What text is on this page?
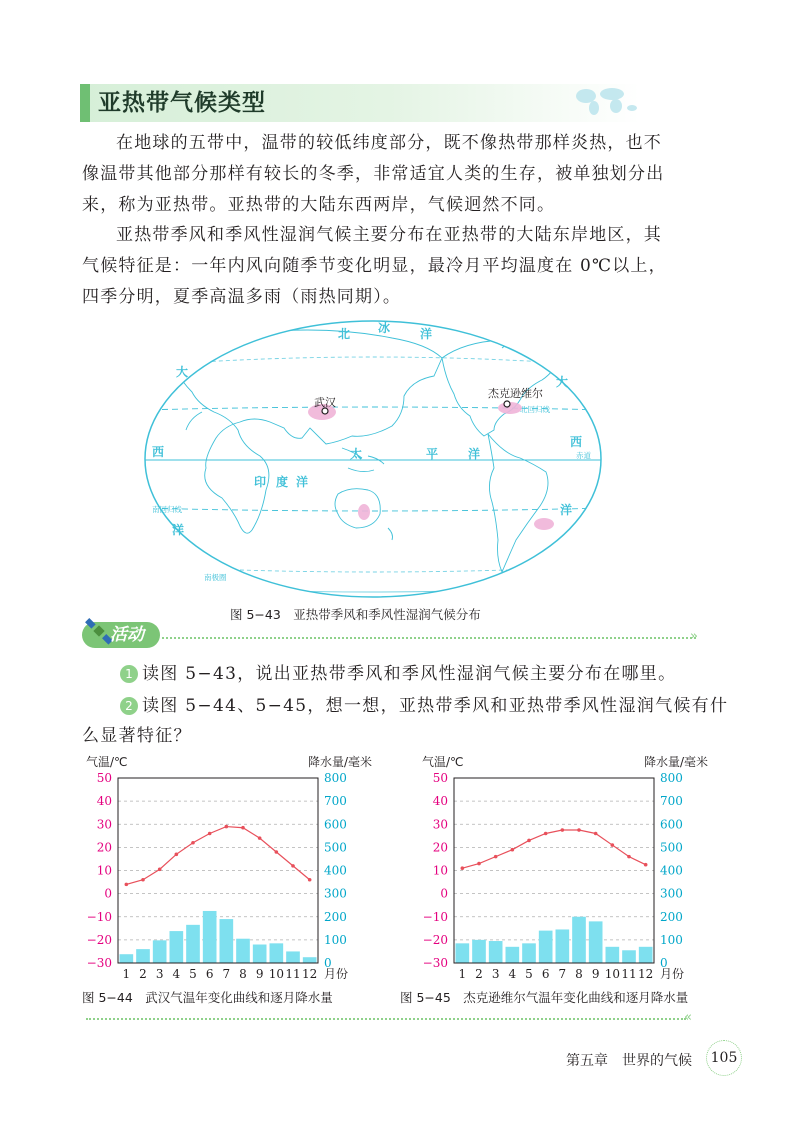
亚热带气候类型

在地球的五带中，温带的较低纬度部分，既不像热带那样炎热，也不像温带其他部分那样有较长的冬季，非常适宜人类的生存，被单独划分出来，称为亚热带。亚热带的大陆东西两岸，气候迥然不同。

亚热带季风和季风性湿润气候主要分布在亚热带的大陆东岸地区，其气候特征是：一年内风向随季节变化明显，最冷月平均温度在 0℃以上，四季分明，夏季高温多雨（雨热同期）。

武汉
杰克逊维尔
北 冰 洋
太	平 洋
印 度 洋
大
西
洋
大
西
洋
北回归线
赤道
南回归线
南极圈
图 5−43　亚热带季风和季风性湿润气候分布
活动	»
1 读图 5−43，说出亚热带季风和季风性湿润气候主要分布在哪里。
2 读图 5−44、5−45，想一想，亚热带季风和亚热带季风性湿润气候有什
么显著特征？
气温/℃	降水量/毫米
50
40
30
20
10
0
−10
−20
−30
800
700
600
500
400
300
200
100
0
1 2 3 4 5 6 7 8 9 10 11 12 月份
气温/℃	降水量/毫米
50
40
30
20
10
0
−10
−20
−30
800
700
600
500
400
300
200
100
0
1 2 3 4 5 6 7 8 9 10 11 12 月份
图 5−44　武汉气温年变化曲线和逐月降水量	图 5−45　杰克逊维尔气温年变化曲线和逐月降水量
«
第五章　世界的气候	105
